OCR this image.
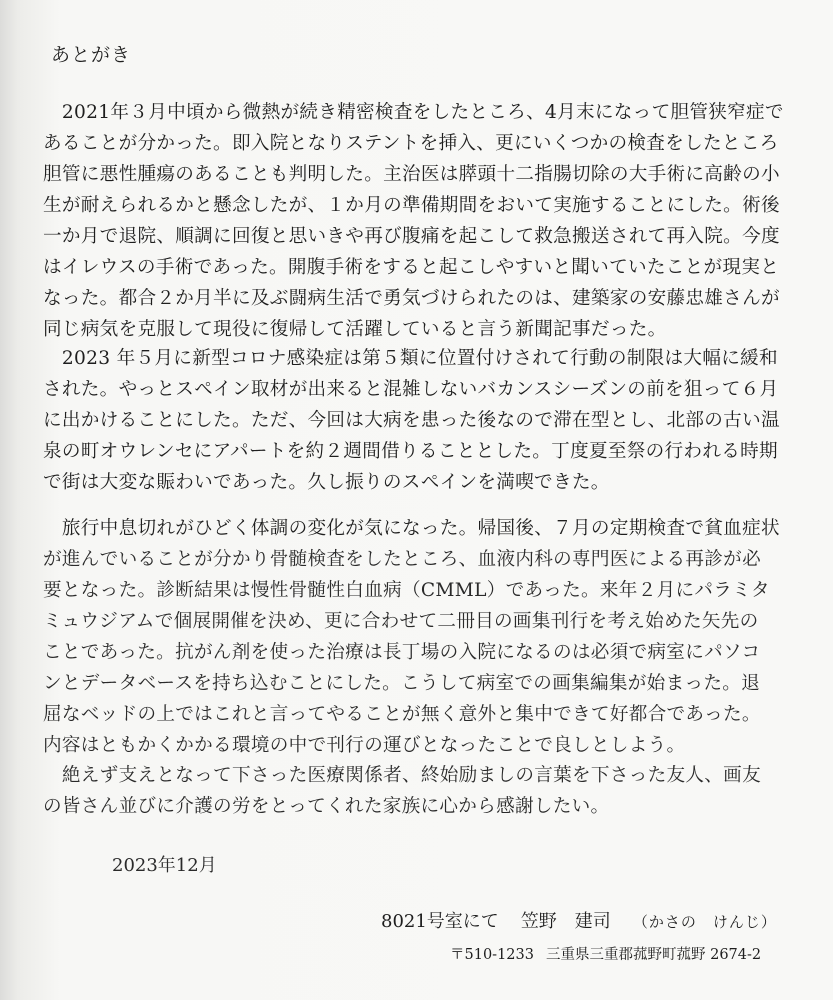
あとがき
　2021年３月中頃から微熱が続き精密検査をしたところ、4月末になって胆管狭窄症で
あることが分かった。即入院となりステントを挿入、更にいくつかの検査をしたところ
胆管に悪性腫瘍のあることも判明した。主治医は膵頭十二指腸切除の大手術に高齢の小
生が耐えられるかと懸念したが、１か月の準備期間をおいて実施することにした。術後
一か月で退院、順調に回復と思いきや再び腹痛を起こして救急搬送されて再入院。今度
はイレウスの手術であった。開腹手術をすると起こしやすいと聞いていたことが現実と
なった。都合２か月半に及ぶ闘病生活で勇気づけられたのは、建築家の安藤忠雄さんが
同じ病気を克服して現役に復帰して活躍していると言う新聞記事だった。
　2023 年５月に新型コロナ感染症は第５類に位置付けされて行動の制限は大幅に緩和
された。やっとスペイン取材が出来ると混雑しないバカンスシーズンの前を狙って６月
に出かけることにした。ただ、今回は大病を患った後なので滞在型とし、北部の古い温
泉の町オウレンセにアパートを約２週間借りることとした。丁度夏至祭の行われる時期
で街は大変な賑わいであった。久し振りのスペインを満喫できた。
　旅行中息切れがひどく体調の変化が気になった。帰国後、７月の定期検査で貧血症状
が進んでいることが分かり骨髄検査をしたところ、血液内科の専門医による再診が必
要となった。診断結果は慢性骨髄性白血病（CMML）であった。来年２月にパラミタ
ミュウジアムで個展開催を決め、更に合わせて二冊目の画集刊行を考え始めた矢先の
ことであった。抗がん剤を使った治療は長丁場の入院になるのは必須で病室にパソコ
ンとデータベースを持ち込むことにした。こうして病室での画集編集が始まった。退
屈なベッドの上ではこれと言ってやることが無く意外と集中できて好都合であった。
内容はともかくかかる環境の中で刊行の運びとなったことで良しとしよう。
　絶えず支えとなって下さった医療関係者、終始励ましの言葉を下さった友人、画友
の皆さん並びに介護の労をとってくれた家族に心から感謝したい。
2023年12月
8021号室にて 笠野　建司 （かさの　けんじ）
〒510-1233 三重県三重郡菰野町菰野 2674-2
